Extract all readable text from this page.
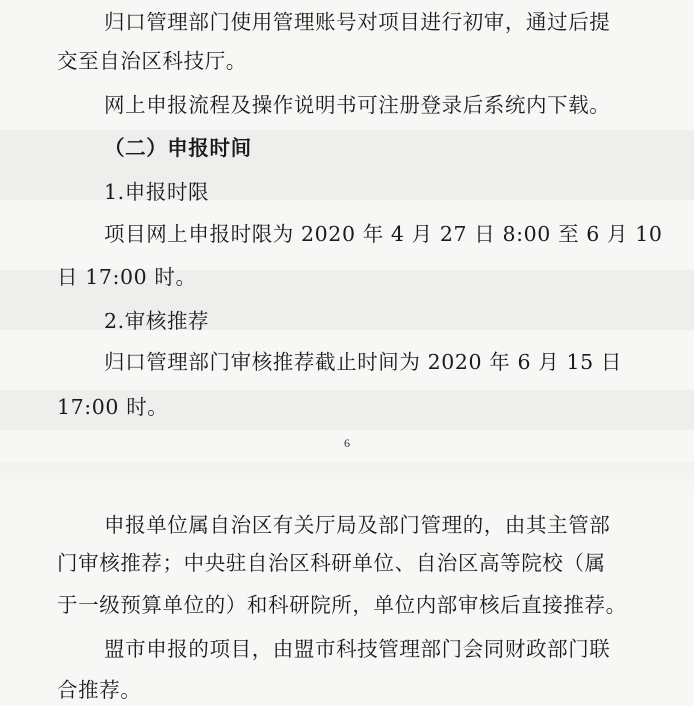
归口管理部门使用管理账号对项目进行初审，通过后提
交至自治区科技厅。
网上申报流程及操作说明书可注册登录后系统内下载。
（二）申报时间
1.申报时限
项目网上申报时限为 2020 年 4 月 27 日 8:00 至 6 月 10
日 17:00 时。
2.审核推荐
归口管理部门审核推荐截止时间为 2020 年 6 月 15 日
17:00 时。
6
申报单位属自治区有关厅局及部门管理的，由其主管部
门审核推荐；中央驻自治区科研单位、自治区高等院校（属
于一级预算单位的）和科研院所，单位内部审核后直接推荐。
盟市申报的项目，由盟市科技管理部门会同财政部门联
合推荐。
